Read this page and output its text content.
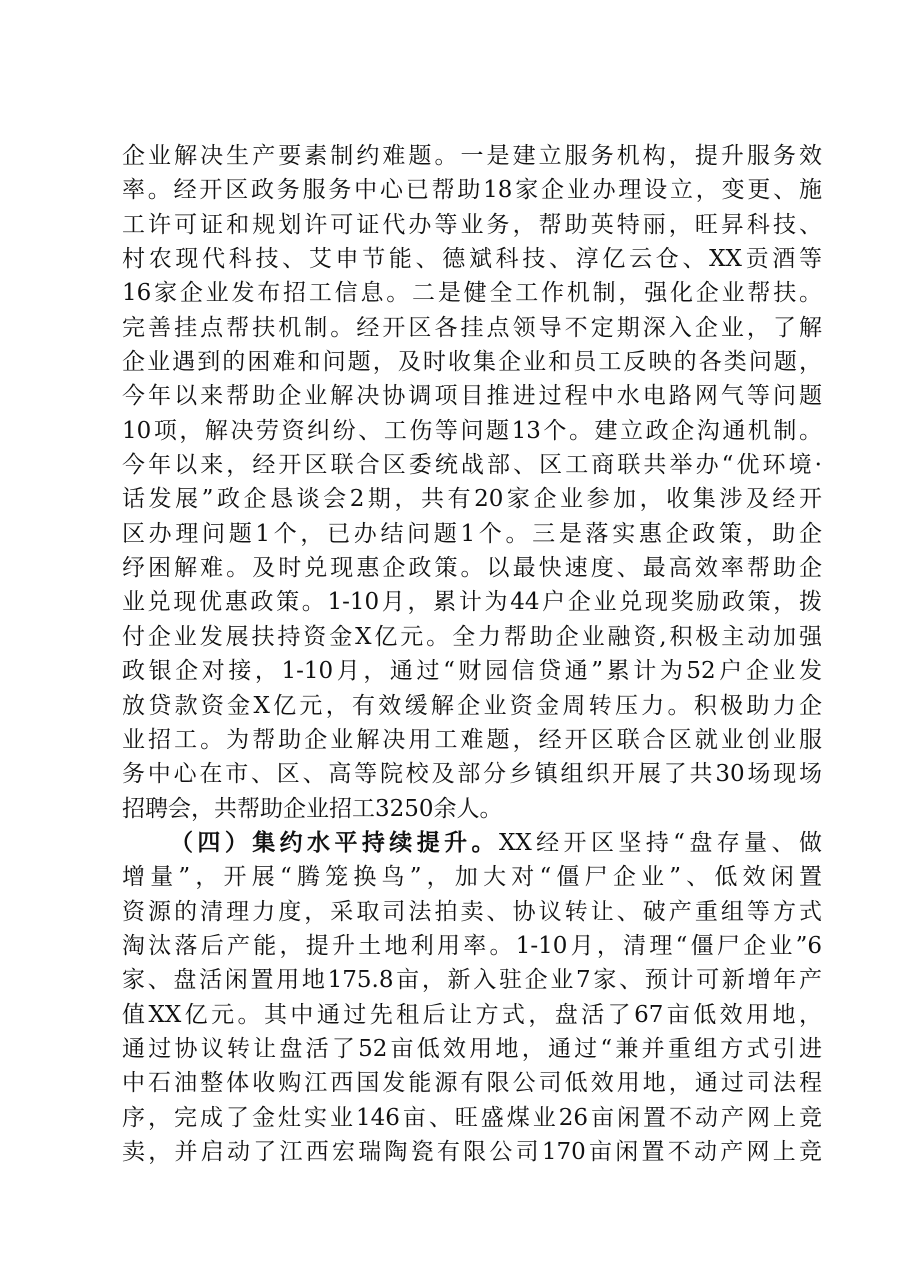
企业解决生产要素制约难题。一是建立服务机构，提升服务效
率。经开区政务服务中心已帮助18家企业办理设立，变更、施
工许可证和规划许可证代办等业务，帮助英特丽，旺昇科技、
村农现代科技、艾申节能、德斌科技、淳亿云仓、XX贡酒等
16家企业发布招工信息。二是健全工作机制，强化企业帮扶。
完善挂点帮扶机制。经开区各挂点领导不定期深入企业，了解
企业遇到的困难和问题，及时收集企业和员工反映的各类问题，
今年以来帮助企业解决协调项目推进过程中水电路网气等问题
10项，解决劳资纠纷、工伤等问题13个。建立政企沟通机制。
今年以来，经开区联合区委统战部、区工商联共举办“优环境·
话发展”政企恳谈会2期，共有20家企业参加，收集涉及经开
区办理问题1个，已办结问题1个。三是落实惠企政策，助企
纾困解难。及时兑现惠企政策。以最快速度、最高效率帮助企
业兑现优惠政策。1-10月，累计为44户企业兑现奖励政策，拨
付企业发展扶持资金X亿元。全力帮助企业融资,积极主动加强
政银企对接，1-10月，通过“财园信贷通”累计为52户企业发
放贷款资金X亿元，有效缓解企业资金周转压力。积极助力企
业招工。为帮助企业解决用工难题，经开区联合区就业创业服
务中心在市、区、高等院校及部分乡镇组织开展了共30场现场
招聘会，共帮助企业招工3250余人。
（四）集约水平持续提升。XX经开区坚持“盘存量、做
增量”，开展“腾笼换鸟”，加大对“僵尸企业”、低效闲置
资源的清理力度，采取司法拍卖、协议转让、破产重组等方式
淘汰落后产能，提升土地利用率。1-10月，清理“僵尸企业”6
家、盘活闲置用地175.8亩，新入驻企业7家、预计可新增年产
值XX亿元。其中通过先租后让方式，盘活了67亩低效用地，
通过协议转让盘活了52亩低效用地，通过“兼并重组方式引进
中石油整体收购江西国发能源有限公司低效用地，通过司法程
序，完成了金灶实业146亩、旺盛煤业26亩闲置不动产网上竞
卖，并启动了江西宏瑞陶瓷有限公司170亩闲置不动产网上竞
